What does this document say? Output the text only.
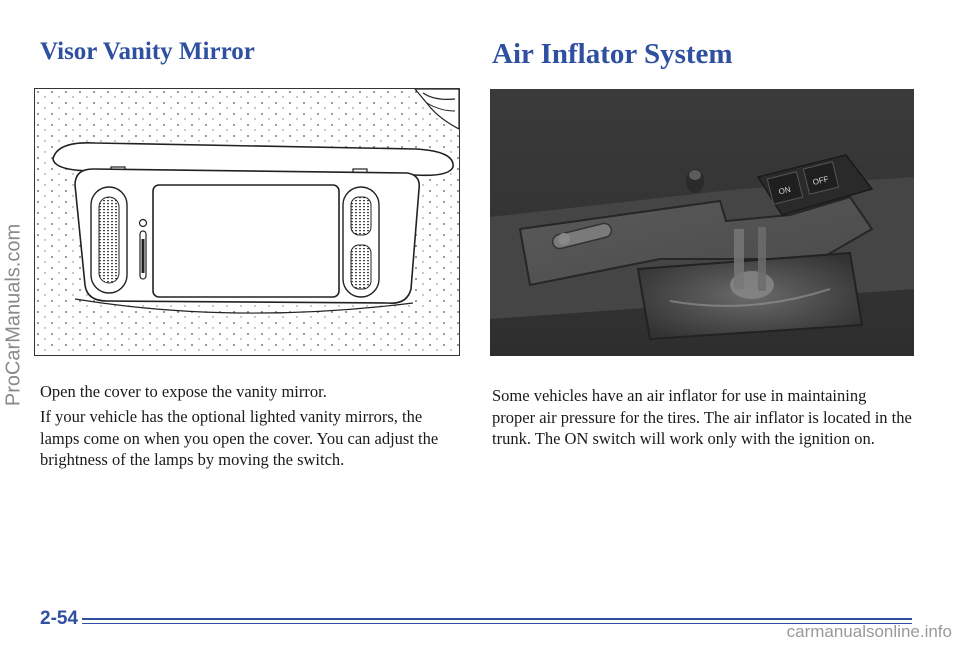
Visor Vanity Mirror	Air Inflator System
ON
OFF

Open the cover to expose the vanity mirror.

If your vehicle has the optional lighted vanity mirrors, the lamps come on when you open the cover. You can adjust the brightness of the lamps by moving the switch.

Some vehicles have an air inflator for use in maintaining proper air pressure for the tires. The air inflator is located in the trunk. The ON switch will work only with the ignition on.

2-54
ProCarManuals.com
carmanualsonline.info
